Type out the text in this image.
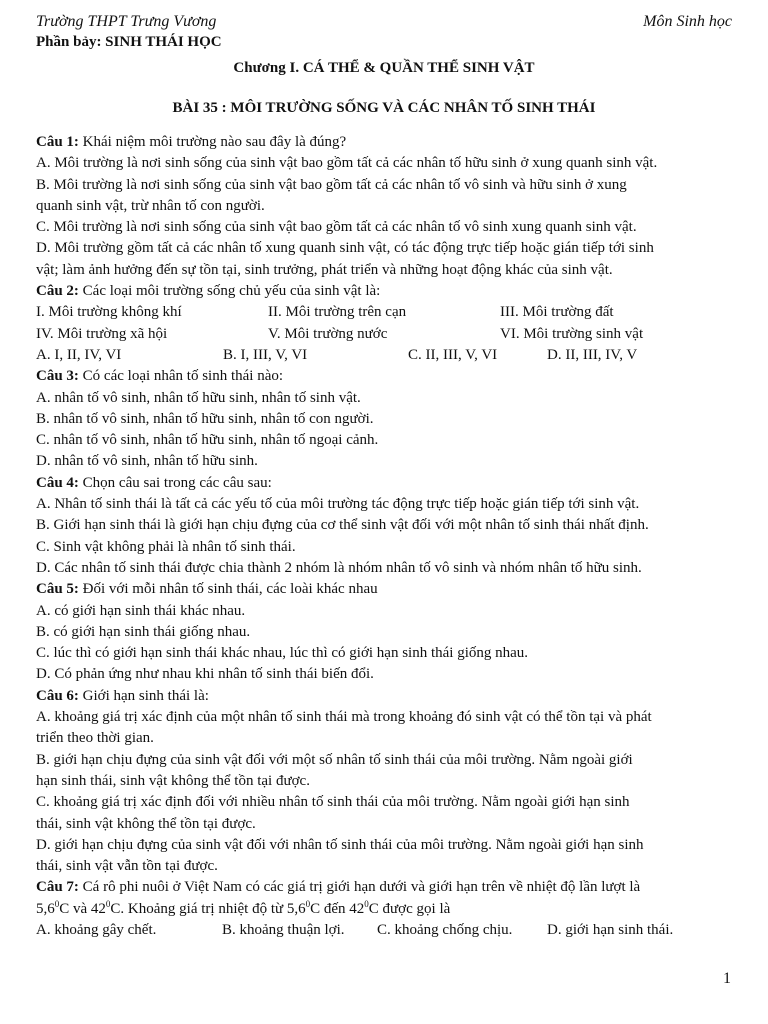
Trường THPT Trưng Vương	Môn Sinh học
Phần bảy: SINH THÁI HỌC
Chương I. CÁ THỂ & QUẦN THỂ SINH VẬT
BÀI 35 : MÔI TRƯỜNG SỐNG VÀ CÁC NHÂN TỐ SINH THÁI
Câu 1: Khái niệm môi trường nào sau đây là đúng?
A. Môi trường là nơi sinh sống của sinh vật bao gồm tất cả các nhân tố hữu sinh ở xung quanh sinh vật.
B. Môi trường là nơi sinh sống của sinh vật bao gồm tất cả các nhân tố vô sinh và hữu sinh ở xung
quanh sinh vật, trừ nhân tố con người.
C. Môi trường là nơi sinh sống của sinh vật bao gồm tất cả các nhân tố vô sinh xung quanh sinh vật.
D. Môi trường gồm tất cả các nhân tố xung quanh sinh vật, có tác động trực tiếp hoặc gián tiếp tới sinh
vật; làm ảnh hưởng đến sự tồn tại, sinh trưởng, phát triển và những hoạt động khác của sinh vật.
Câu 2: Các loại môi trường sống chủ yếu của sinh vật là:
I. Môi trường không khí	II. Môi trường trên cạn	III. Môi trường đất
IV. Môi trường xã hội	V. Môi trường nước	VI. Môi trường sinh vật
A. I, II, IV, VI	B. I, III, V, VI	C. II, III, V, VI	D. II, III, IV, V
Câu 3: Có các loại nhân tố sinh thái nào:
A. nhân tố vô sinh, nhân tố hữu sinh, nhân tố sinh vật.
B. nhân tố vô sinh, nhân tố hữu sinh, nhân tố con người.
C. nhân tố vô sinh, nhân tố hữu sinh, nhân tố ngoại cảnh.
D. nhân tố vô sinh, nhân tố hữu sinh.
Câu 4: Chọn câu sai trong các câu sau:
A. Nhân tố sinh thái là tất cả các yếu tố của môi trường tác động trực tiếp hoặc gián tiếp tới sinh vật.
B. Giới hạn sinh thái là giới hạn chịu đựng của cơ thể sinh vật đối với một nhân tố sinh thái nhất định.
C. Sinh vật không phải là nhân tố sinh thái.
D. Các nhân tố sinh thái được chia thành 2 nhóm là nhóm nhân tố vô sinh và nhóm nhân tố hữu sinh.
Câu 5: Đối với mỗi nhân tố sinh thái, các loài khác nhau
A. có giới hạn sinh thái khác nhau.
B. có giới hạn sinh thái giống nhau.
C. lúc thì có giới hạn sinh thái khác nhau, lúc thì có giới hạn sinh thái giống nhau.
D. Có phản ứng như nhau khi nhân tố sinh thái biến đổi.
Câu 6: Giới hạn sinh thái là:
A. khoảng giá trị xác định của một nhân tố sinh thái mà trong khoảng đó sinh vật có thể tồn tại và phát
triển theo thời gian.
B. giới hạn chịu đựng của sinh vật đối với một số nhân tố sinh thái của môi trường. Nằm ngoài giới
hạn sinh thái, sinh vật không thể tồn tại được.
C. khoảng giá trị xác định đối với nhiều nhân tố sinh thái của môi trường. Nằm ngoài giới hạn sinh
thái, sinh vật không thể tồn tại được.
D. giới hạn chịu đựng của sinh vật đối với nhân tố sinh thái của môi trường. Nằm ngoài giới hạn sinh
thái, sinh vật vẫn tồn tại được.
Câu 7: Cá rô phi nuôi ở Việt Nam có các giá trị giới hạn dưới và giới hạn trên về nhiệt độ lần lượt là
$5,6^0C$ và $42^0C$. Khoảng giá trị nhiệt độ từ $5,6^0C$ đến $42^0C$ được gọi là
A. khoảng gây chết.	B. khoảng thuận lợi.	C. khoảng chống chịu.	D. giới hạn sinh thái.
1
